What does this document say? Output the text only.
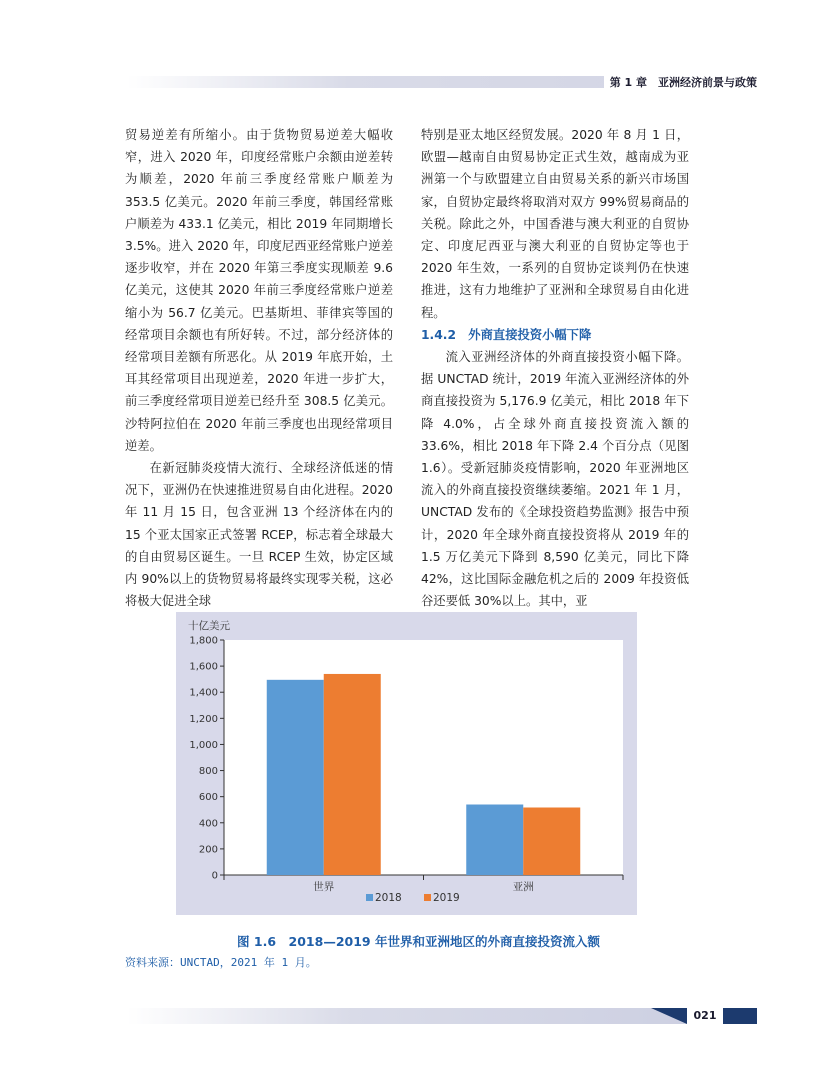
第 1 章　亚洲经济前景与政策

贸易逆差有所缩小。由于货物贸易逆差大幅收窄，进入 2020 年，印度经常账户余额由逆差转为顺差，2020 年前三季度经常账户顺差为 353.5 亿美元。2020 年前三季度，韩国经常账户顺差为 433.1 亿美元，相比 2019 年同期增长 3.5%。进入 2020 年，印度尼西亚经常账户逆差逐步收窄，并在 2020 年第三季度实现顺差 9.6 亿美元，这使其 2020 年前三季度经常账户逆差缩小为 56.7 亿美元。巴基斯坦、菲律宾等国的经常项目余额也有所好转。不过，部分经济体的经常项目差额有所恶化。从 2019 年底开始，土耳其经常项目出现逆差，2020 年进一步扩大，前三季度经常项目逆差已经升至 308.5 亿美元。沙特阿拉伯在 2020 年前三季度也出现经常项目逆差。

在新冠肺炎疫情大流行、全球经济低迷的情况下，亚洲仍在快速推进贸易自由化进程。2020 年 11 月 15 日，包含亚洲 13 个经济体在内的 15 个亚太国家正式签署 RCEP，标志着全球最大的自由贸易区诞生。一旦 RCEP 生效，协定区域内 90%以上的货物贸易将最终实现零关税，这必将极大促进全球

特别是亚太地区经贸发展。2020 年 8 月 1 日，欧盟—越南自由贸易协定正式生效，越南成为亚洲第一个与欧盟建立自由贸易关系的新兴市场国家，自贸协定最终将取消对双方 99%贸易商品的关税。除此之外，中国香港与澳大利亚的自贸协定、印度尼西亚与澳大利亚的自贸协定等也于 2020 年生效，一系列的自贸协定谈判仍在快速推进，这有力地维护了亚洲和全球贸易自由化进程。

1.4.2　外商直接投资小幅下降

流入亚洲经济体的外商直接投资小幅下降。据 UNCTAD 统计，2019 年流入亚洲经济体的外商直接投资为 5,176.9 亿美元，相比 2018 年下降 4.0%，占全球外商直接投资流入额的 33.6%，相比 2018 年下降 2.4 个百分点（见图 1.6）。受新冠肺炎疫情影响，2020 年亚洲地区流入的外商直接投资继续萎缩。2021 年 1 月，UNCTAD 发布的《全球投资趋势监测》报告中预计，2020 年全球外商直接投资将从 2019 年的 1.5 万亿美元下降到 8,590 亿美元，同比下降 42%，这比国际金融危机之后的 2009 年投资低谷还要低 30%以上。其中，亚

十亿美元
0
200
400
600
800
1,000
1,200
1,400
1,600
1,800
世界	亚洲
2018	2019
图 1.6　2018—2019 年世界和亚洲地区的外商直接投资流入额
资料来源：UNCTAD，2021 年 1 月。
021
